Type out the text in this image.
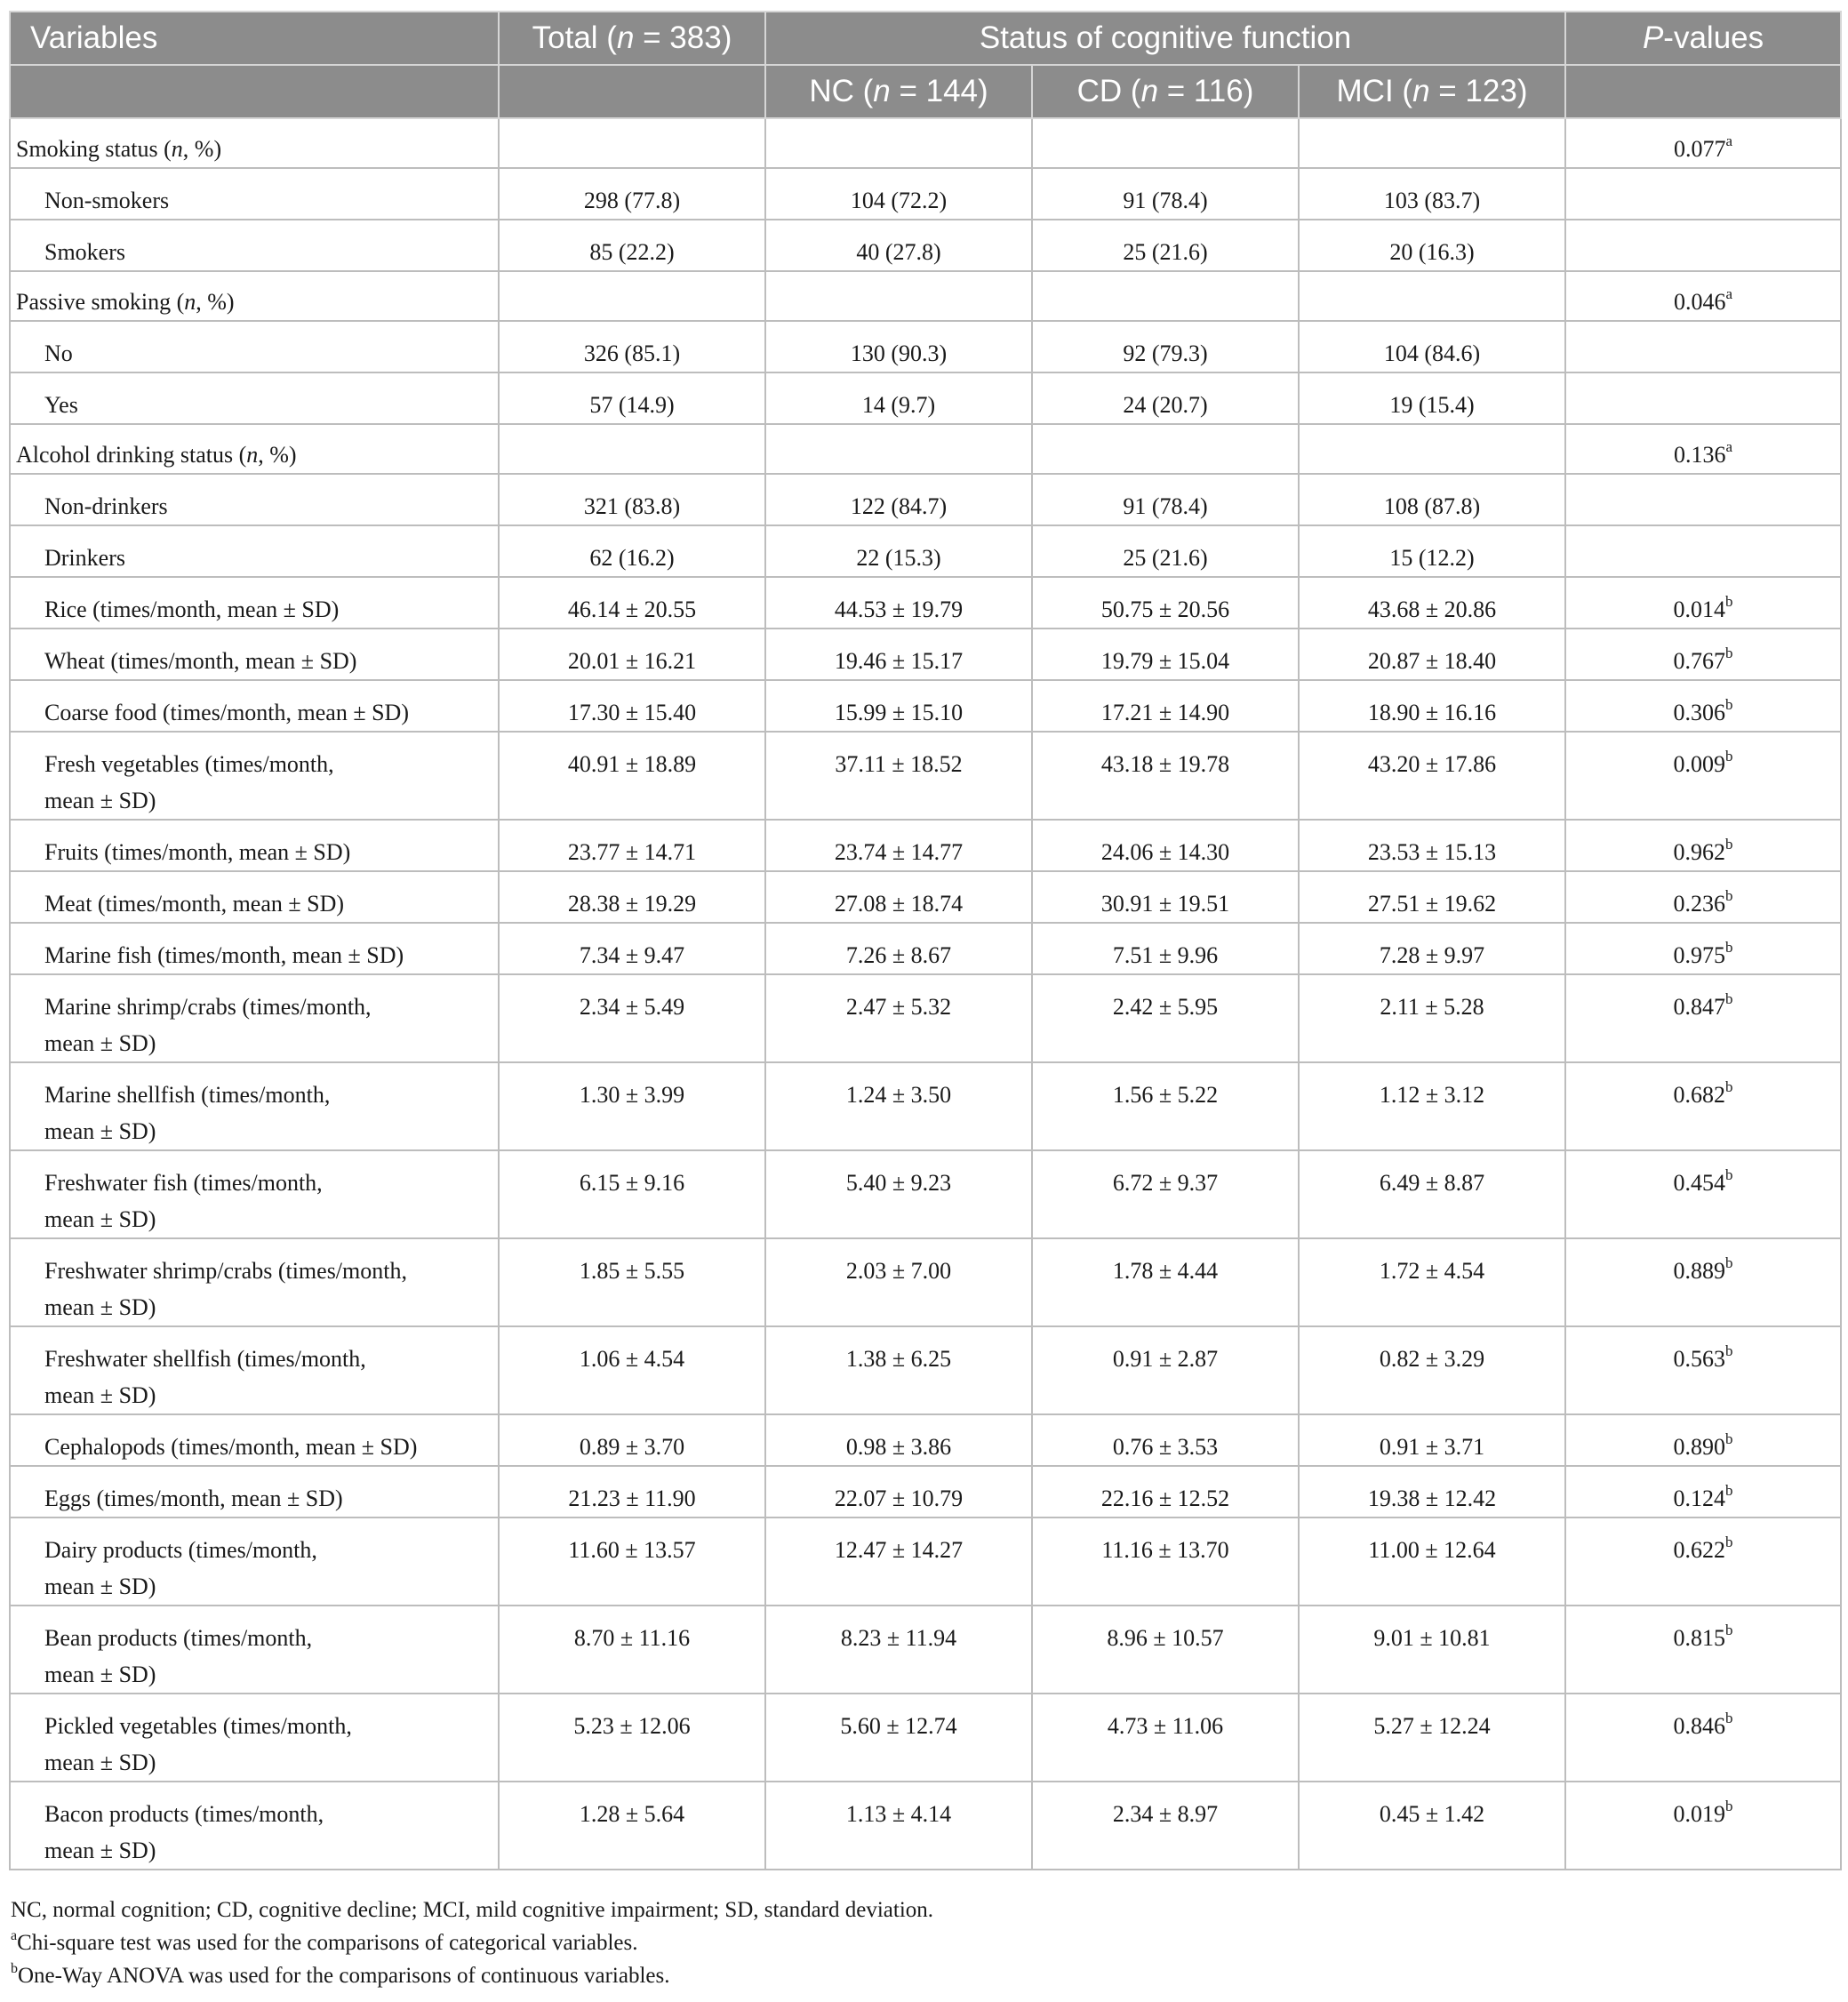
Variables	Total (n = 383)	Status of cognitive function			P-values
		NC (n = 144)	CD (n = 116)	MCI (n = 123)	

Smoking status (n, %)					0.077$^a$

Non-smokers	298 (77.8)	104 (72.2)	91 (78.4)	103 (83.7)	

Smokers	85 (22.2)	40 (27.8)	25 (21.6)	20 (16.3)	

Passive smoking (n, %)					0.046$^a$

No	326 (85.1)	130 (90.3)	92 (79.3)	104 (84.6)	

Yes	57 (14.9)	14 (9.7)	24 (20.7)	19 (15.4)	

Alcohol drinking status (n, %)					0.136$^a$

Non-drinkers	321 (83.8)	122 (84.7)	91 (78.4)	108 (87.8)	

Drinkers	62 (16.2)	22 (15.3)	25 (21.6)	15 (12.2)	

Rice (times/month, mean ± SD)	46.14 ± 20.55	44.53 ± 19.79	50.75 ± 20.56	43.68 ± 20.86	0.014$^b$

Wheat (times/month, mean ± SD)	20.01 ± 16.21	19.46 ± 15.17	19.79 ± 15.04	20.87 ± 18.40	0.767$^b$

Coarse food (times/month, mean ± SD)	17.30 ± 15.40	15.99 ± 15.10	17.21 ± 14.90	18.90 ± 16.16	0.306$^b$

Fresh vegetables (times/month,
mean ± SD)	40.91 ± 18.89	37.11 ± 18.52	43.18 ± 19.78	43.20 ± 17.86	0.009$^b$

Fruits (times/month, mean ± SD)	23.77 ± 14.71	23.74 ± 14.77	24.06 ± 14.30	23.53 ± 15.13	0.962$^b$

Meat (times/month, mean ± SD)	28.38 ± 19.29	27.08 ± 18.74	30.91 ± 19.51	27.51 ± 19.62	0.236$^b$

Marine fish (times/month, mean ± SD)	7.34 ± 9.47	7.26 ± 8.67	7.51 ± 9.96	7.28 ± 9.97	0.975$^b$

Marine shrimp/crabs (times/month,
mean ± SD)	2.34 ± 5.49	2.47 ± 5.32	2.42 ± 5.95	2.11 ± 5.28	0.847$^b$

Marine shellfish (times/month,
mean ± SD)	1.30 ± 3.99	1.24 ± 3.50	1.56 ± 5.22	1.12 ± 3.12	0.682$^b$

Freshwater fish (times/month,
mean ± SD)	6.15 ± 9.16	5.40 ± 9.23	6.72 ± 9.37	6.49 ± 8.87	0.454$^b$

Freshwater shrimp/crabs (times/month,
mean ± SD)	1.85 ± 5.55	2.03 ± 7.00	1.78 ± 4.44	1.72 ± 4.54	0.889$^b$

Freshwater shellfish (times/month,
mean ± SD)	1.06 ± 4.54	1.38 ± 6.25	0.91 ± 2.87	0.82 ± 3.29	0.563$^b$

Cephalopods (times/month, mean ± SD)	0.89 ± 3.70	0.98 ± 3.86	0.76 ± 3.53	0.91 ± 3.71	0.890$^b$

Eggs (times/month, mean ± SD)	21.23 ± 11.90	22.07 ± 10.79	22.16 ± 12.52	19.38 ± 12.42	0.124$^b$

Dairy products (times/month,
mean ± SD)	11.60 ± 13.57	12.47 ± 14.27	11.16 ± 13.70	11.00 ± 12.64	0.622$^b$

Bean products (times/month,
mean ± SD)	8.70 ± 11.16	8.23 ± 11.94	8.96 ± 10.57	9.01 ± 10.81	0.815$^b$

Pickled vegetables (times/month,
mean ± SD)	5.23 ± 12.06	5.60 ± 12.74	4.73 ± 11.06	5.27 ± 12.24	0.846$^b$

Bacon products (times/month,
mean ± SD)	1.28 ± 5.64	1.13 ± 4.14	2.34 ± 8.97	0.45 ± 1.42	0.019$^b$
NC, normal cognition; CD, cognitive decline; MCI, mild cognitive impairment; SD, standard deviation.
$^a$Chi-square test was used for the comparisons of categorical variables.
$^b$One-Way ANOVA was used for the comparisons of continuous variables.
